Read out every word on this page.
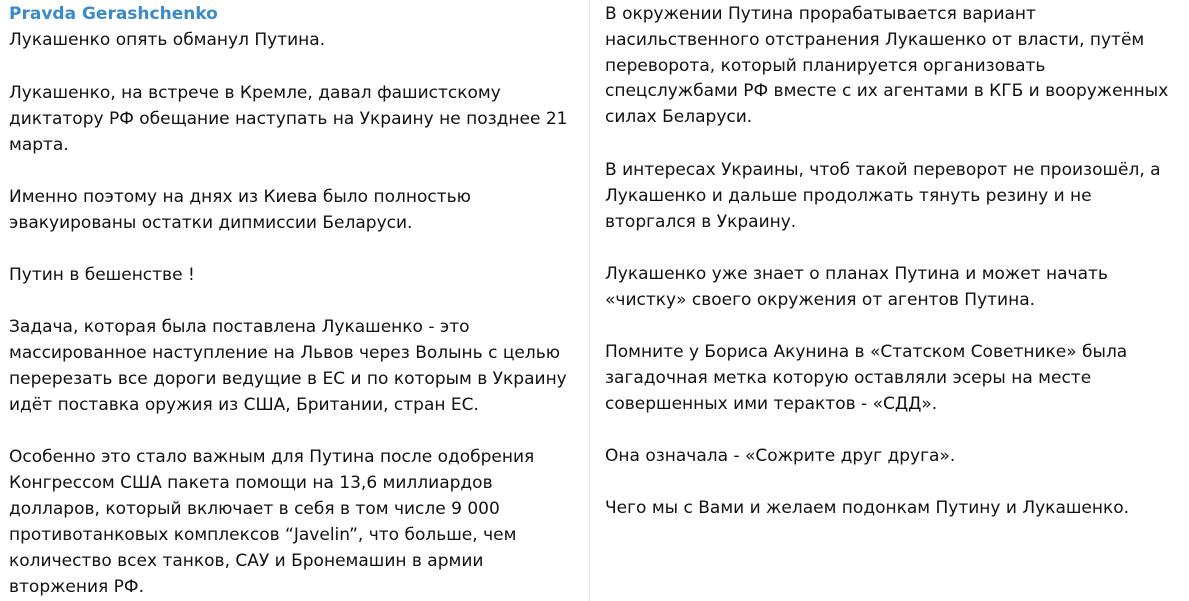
Pravda Gerashchenko
Лукашенко опять обманул Путина.
Лукашенко, на встрече в Кремле, давал фашистскому
диктатору РФ обещание наступать на Украину не позднее 21
марта.
Именно поэтому на днях из Киева было полностью
эвакуированы остатки дипмиссии Беларуси.
Путин в бешенстве !
Задача, которая была поставлена Лукашенко - это
массированное наступление на Львов через Волынь с целью
перерезать все дороги ведущие в ЕС и по которым в Украину
идёт поставка оружия из США, Британии, стран ЕС.
Особенно это стало важным для Путина после одобрения
Конгрессом США пакета помощи на 13,6 миллиардов
долларов, который включает в себя в том числе 9 000
противотанковых комплексов “Javelin”, что больше, чем
количество всех танков, САУ и Бронемашин в армии
вторжения РФ.
В окружении Путина прорабатывается вариант
насильственного отстранения Лукашенко от власти, путём
переворота, который планируется организовать
спецслужбами РФ вместе с их агентами в КГБ и вооруженных
силах Беларуси.
В интересах Украины, чтоб такой переворот не произошёл, а
Лукашенко и дальше продолжать тянуть резину и не
вторгался в Украину.
Лукашенко уже знает о планах Путина и может начать
«чистку» своего окружения от агентов Путина.
Помните у Бориса Акунина в «Статском Советнике» была
загадочная метка которую оставляли эсеры на месте
совершенных ими терактов - «СДД».
Она означала - «Сожрите друг друга».
Чего мы с Вами и желаем подонкам Путину и Лукашенко.
